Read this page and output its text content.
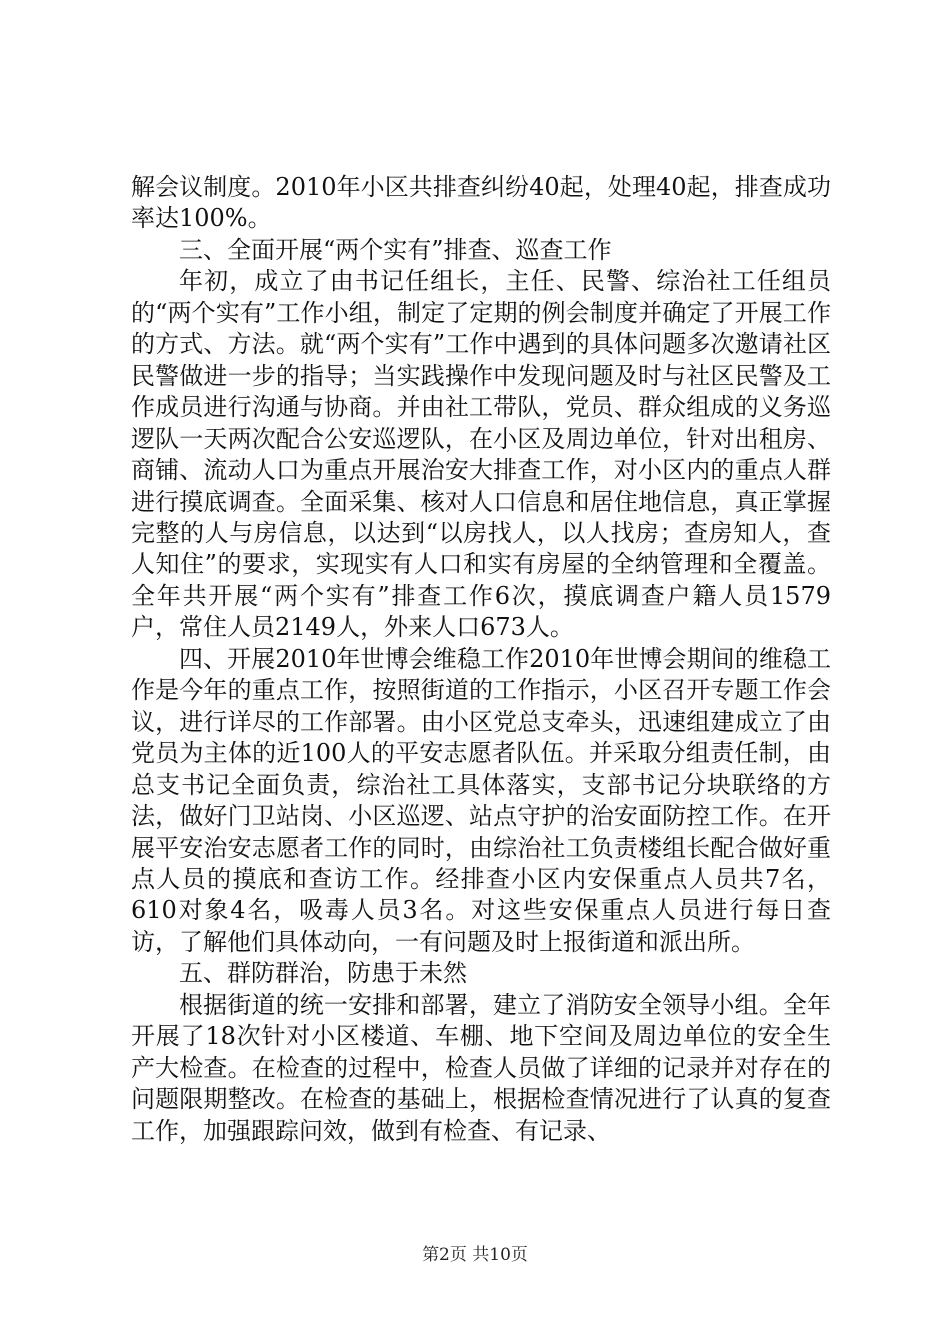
解会议制度。2010年小区共排查纠纷40起，处理40起，排查成功率达100%。

三、全面开展“两个实有”排查、巡查工作

年初，成立了由书记任组长，主任、民警、综治社工任组员的“两个实有”工作小组，制定了定期的例会制度并确定了开展工作的方式、方法。就“两个实有”工作中遇到的具体问题多次邀请社区民警做进一步的指导；当实践操作中发现问题及时与社区民警及工作成员进行沟通与协商。并由社工带队，党员、群众组成的义务巡逻队一天两次配合公安巡逻队，在小区及周边单位，针对出租房、商铺、流动人口为重点开展治安大排查工作，对小区内的重点人群进行摸底调查。全面采集、核对人口信息和居住地信息，真正掌握完整的人与房信息，以达到“以房找人，以人找房；查房知人，查人知住”的要求，实现实有人口和实有房屋的全纳管理和全覆盖。全年共开展“两个实有”排查工作6次，摸底调查户籍人员1579户，常住人员2149人，外来人口673人。

四、开展2010年世博会维稳工作2010年世博会期间的维稳工作是今年的重点工作，按照街道的工作指示，小区召开专题工作会议，进行详尽的工作部署。由小区党总支牵头，迅速组建成立了由党员为主体的近100人的平安志愿者队伍。并采取分组责任制，由总支书记全面负责，综治社工具体落实，支部书记分块联络的方法，做好门卫站岗、小区巡逻、站点守护的治安面防控工作。在开展平安治安志愿者工作的同时，由综治社工负责楼组长配合做好重点人员的摸底和查访工作。经排查小区内安保重点人员共7名，610对象4名，吸毒人员3名。对这些安保重点人员进行每日查访，了解他们具体动向，一有问题及时上报街道和派出所。

五、群防群治，防患于未然

根据街道的统一安排和部署，建立了消防安全领导小组。全年开展了18次针对小区楼道、车棚、地下空间及周边单位的安全生产大检查。在检查的过程中，检查人员做了详细的记录并对存在的问题限期整改。在检查的基础上，根据检查情况进行了认真的复查工作，加强跟踪问效，做到有检查、有记录、

第2页 共10页
